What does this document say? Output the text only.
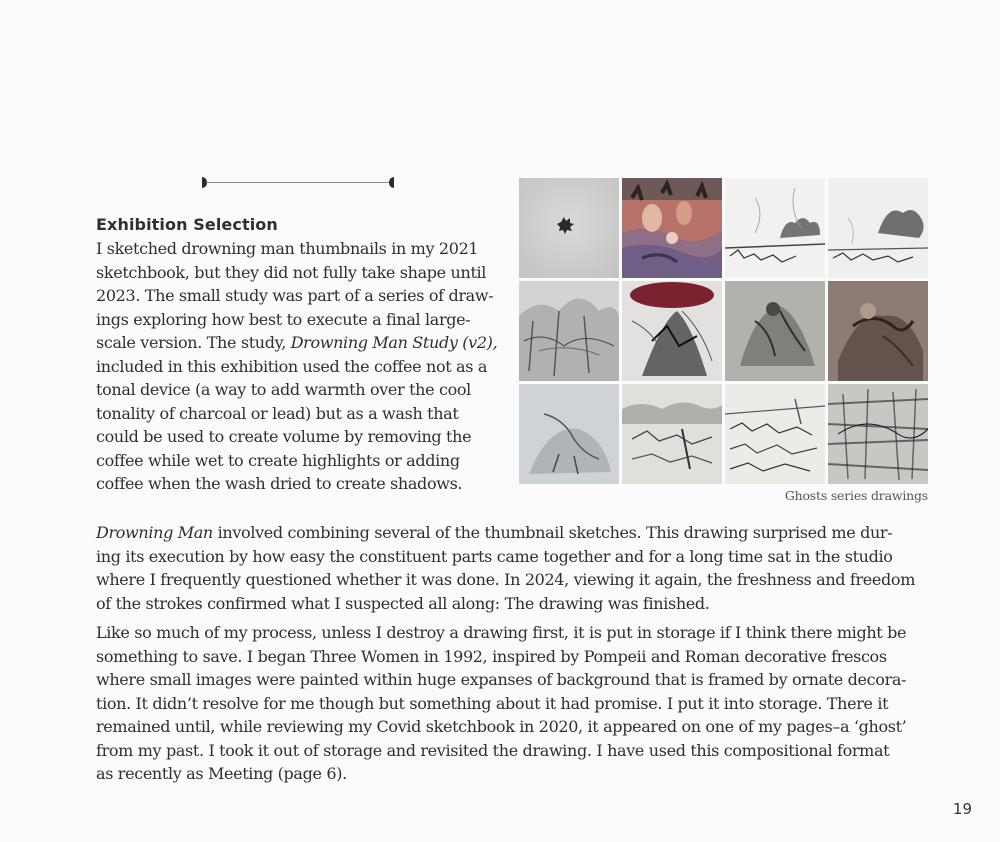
Exhibition Selection

I sketched drowning man thumbnails in my 2021
sketchbook, but they did not fully take shape until
2023. The small study was part of a series of draw-
ings exploring how best to execute a final large-
scale version. The study, Drowning Man Study (v2),
included in this exhibition used the coffee not as a
tonal device (a way to add warmth over the cool
tonality of charcoal or lead) but as a wash that
could be used to create volume by removing the
coffee while wet to create highlights or adding
coffee when the wash dried to create shadows.

Ghosts series drawings

Drowning Man involved combining several of the thumbnail sketches. This drawing surprised me dur-
ing its execution by how easy the constituent parts came together and for a long time sat in the studio
where I frequently questioned whether it was done. In 2024, viewing it again, the freshness and freedom
of the strokes confirmed what I suspected all along: The drawing was finished.

Like so much of my process, unless I destroy a drawing first, it is put in storage if I think there might be
something to save. I began Three Women in 1992, inspired by Pompeii and Roman decorative frescos
where small images were painted within huge expanses of background that is framed by ornate decora-
tion. It didn’t resolve for me though but something about it had promise. I put it into storage. There it
remained until, while reviewing my Covid sketchbook in 2020, it appeared on one of my pages–a ‘ghost’
from my past. I took it out of storage and revisited the drawing. I have used this compositional format
as recently as Meeting (page 6).

19
